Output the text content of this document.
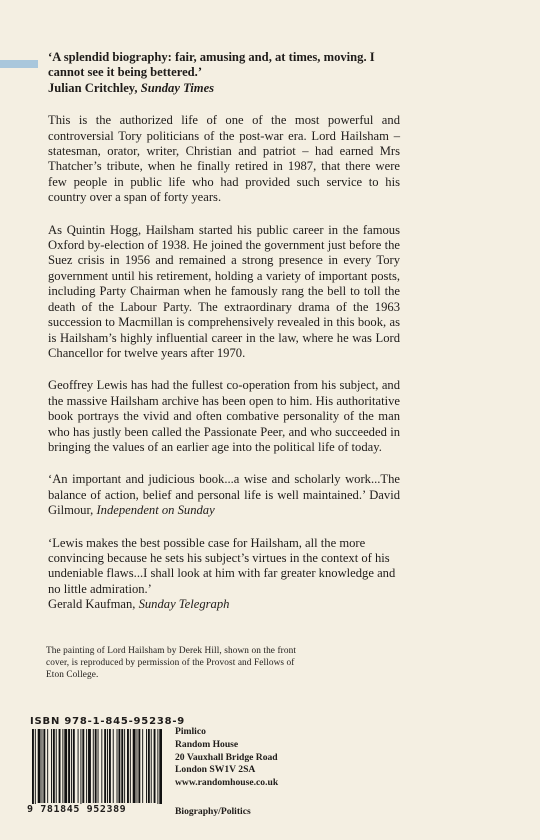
‘A splendid biography: fair, amusing and, at times, moving. I cannot see it being bettered.’
Julian Critchley, Sunday Times

This is the authorized life of one of the most powerful and controversial Tory politicians of the post-war era. Lord Hailsham – statesman, orator, writer, Christian and patriot – had earned Mrs Thatcher’s tribute, when he finally retired in 1987, that there were few people in public life who had provided such service to his country over a span of forty years.

As Quintin Hogg, Hailsham started his public career in the famous Oxford by-election of 1938. He joined the government just before the Suez crisis in 1956 and remained a strong presence in every Tory government until his retirement, holding a variety of important posts, including Party Chairman when he famously rang the bell to toll the death of the Labour Party. The extraordinary drama of the 1963 succession to Macmillan is comprehensively revealed in this book, as is Hailsham’s highly influential career in the law, where he was Lord Chancellor for twelve years after 1970.

Geoffrey Lewis has had the fullest co-operation from his subject, and the massive Hailsham archive has been open to him. His authoritative book portrays the vivid and often combative personality of the man who has justly been called the Passionate Peer, and who succeeded in bringing the values of an earlier age into the political life of today.

‘An important and judicious book...a wise and scholarly work...The balance of action, belief and personal life is well maintained.’ David Gilmour, Independent on Sunday

‘Lewis makes the best possible case for Hailsham, all the more convincing because he sets his subject’s virtues in the context of his undeniable flaws...I shall look at him with far greater knowledge and no little admiration.’
Gerald Kaufman, Sunday Telegraph

The painting of Lord Hailsham by Derek Hill, shown on the front cover, is reproduced by permission of the Provost and Fellows of Eton College.
ISBN 978-1-845-95238-9
9 781845 952389
Pimlico
Random House
20 Vauxhall Bridge Road
London SW1V 2SA
www.randomhouse.co.uk
Biography/Politics
